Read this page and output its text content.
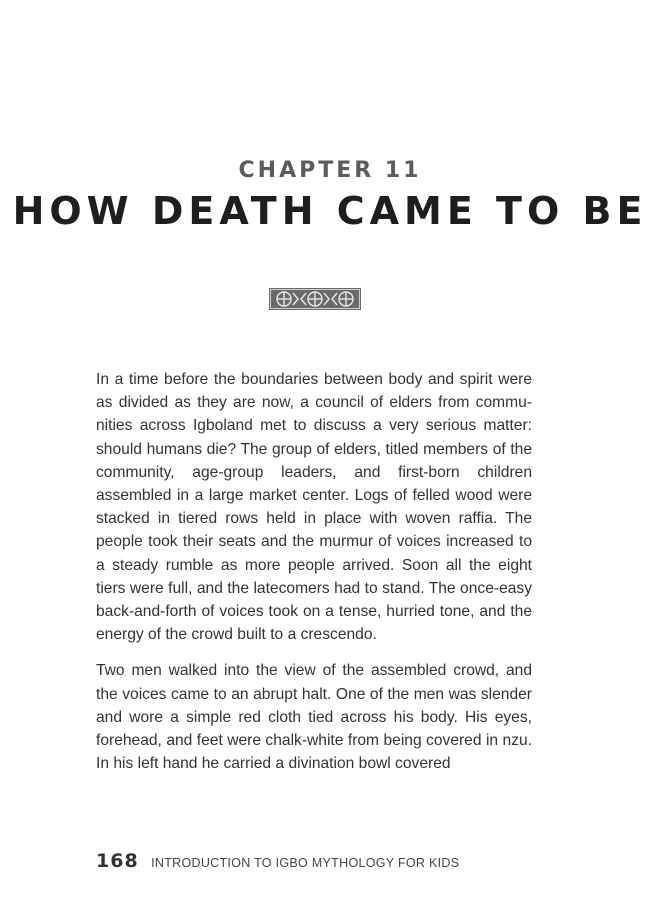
CHAPTER 11
HOW DEATH CAME TO BE

In a time before the boundaries between body and spirit were as divided as they are now, a council of elders from communities across Igboland met to discuss a very serious matter: should humans die? The group of elders, titled members of the community, age-group leaders, and first-born children assembled in a large market center. Logs of felled wood were stacked in tiered rows held in place with woven raffia. The people took their seats and the murmur of voices increased to a steady rumble as more people arrived. Soon all the eight tiers were full, and the latecomers had to stand. The once-easy back-and-forth of voices took on a tense, hurried tone, and the energy of the crowd built to a crescendo.

Two men walked into the view of the assembled crowd, and the voices came to an abrupt halt. One of the men was slender and wore a simple red cloth tied across his body. His eyes, forehead, and feet were chalk-white from being covered in nzu. In his left hand he carried a divination bowl covered

168 INTRODUCTION TO IGBO MYTHOLOGY FOR KIDS
